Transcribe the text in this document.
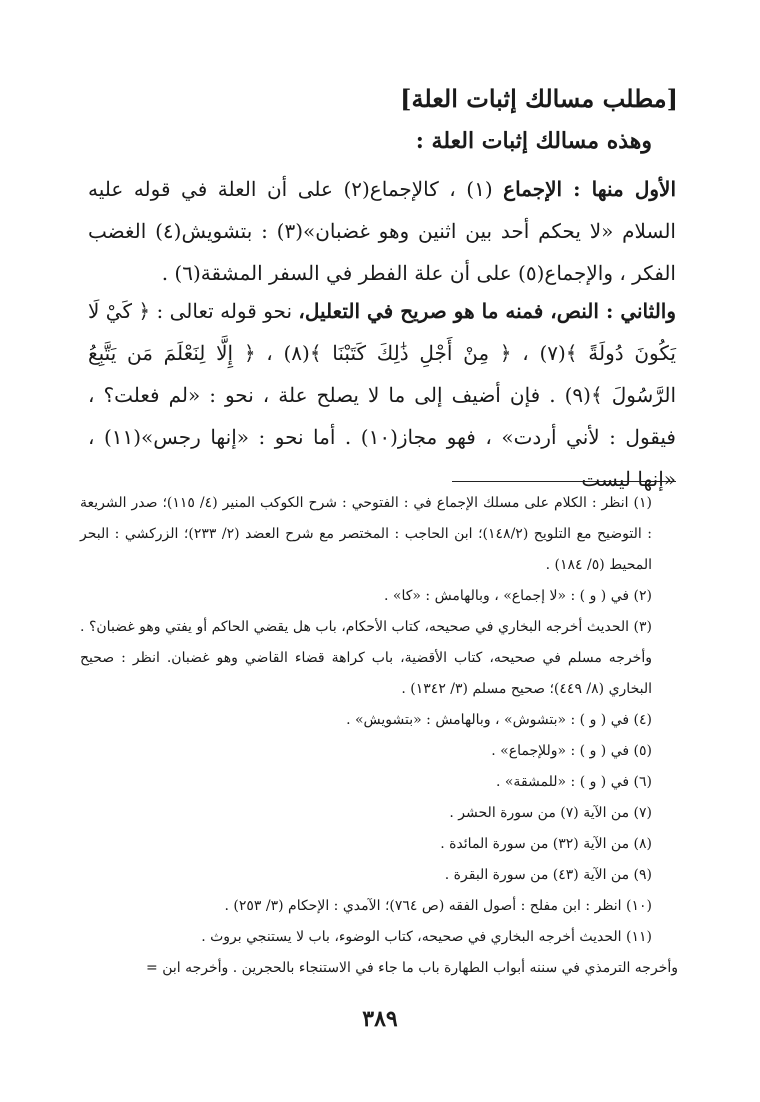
[مطلب مسالك إثبات العلة]
وهذه مسالك إثبات العلة :

الأول منها : الإجماع (١) ، كالإجماع(٢) على أن العلة في قوله عليه السلام «لا يحكم أحد بين اثنين وهو غضبان»(٣) : بتشويش(٤) الغضب الفكر ، والإجماع(٥) على أن علة الفطر في السفر المشقة(٦) .

والثاني : النص، فمنه ما هو صريح في التعليل، نحو قوله تعالى : ﴿ كَيْ لَا يَكُونَ دُولَةً ﴾(٧) ، ﴿ مِنْ أَجْلِ ذَٰلِكَ كَتَبْنَا ﴾(٨) ، ﴿ إِلَّا لِنَعْلَمَ مَن يَتَّبِعُ الرَّسُولَ ﴾(٩) . فإن أضيف إلى ما لا يصلح علة ، نحو : «لم فعلت؟ ، فيقول : لأني أردت» ، فهو مجاز(١٠) . أما نحو : «إنها رجس»(١١) ، «إنها ليست

(١) انظر : الكلام على مسلك الإجماع في : الفتوحي : شرح الكوكب المنير (٤/ ١١٥)؛ صدر الشريعة : التوضيح مع التلويح (١٤٨/٢)؛ ابن الحاجب : المختصر مع شرح العضد (٢/ ٢٣٣)؛ الزركشي : البحر المحيط (٥/ ١٨٤) .
(٢) في ( و ) : «لا إجماع» ، وبالهامش : «كا» .
(٣) الحديث أخرجه البخاري في صحيحه، كتاب الأحكام، باب هل يقضي الحاكم أو يفتي وهو غضبان؟ . وأخرجه مسلم في صحيحه، كتاب الأقضية، باب كراهة قضاء القاضي وهو غضبان. انظر : صحيح البخاري (٨/ ٤٤٩)؛ صحيح مسلم (٣/ ١٣٤٢) .
(٤) في ( و ) : «بتشوش» ، وبالهامش : «بتشويش» .
(٥) في ( و ) : «وللإجماع» .
(٦) في ( و ) : «للمشقة» .
(٧) من الآية (٧) من سورة الحشر .
(٨) من الآية (٣٢) من سورة المائدة .
(٩) من الآية (٤٣) من سورة البقرة .
(١٠) انظر : ابن مفلح : أصول الفقه (ص ٧٦٤)؛ الآمدي : الإحكام (٣/ ٢٥٣) .
(١١) الحديث أخرجه البخاري في صحيحه، كتاب الوضوء، باب لا يستنجي بروث .
وأخرجه الترمذي في سننه أبواب الطهارة باب ما جاء في الاستنجاء بالحجرين . وأخرجه ابن =
٣٨٩
